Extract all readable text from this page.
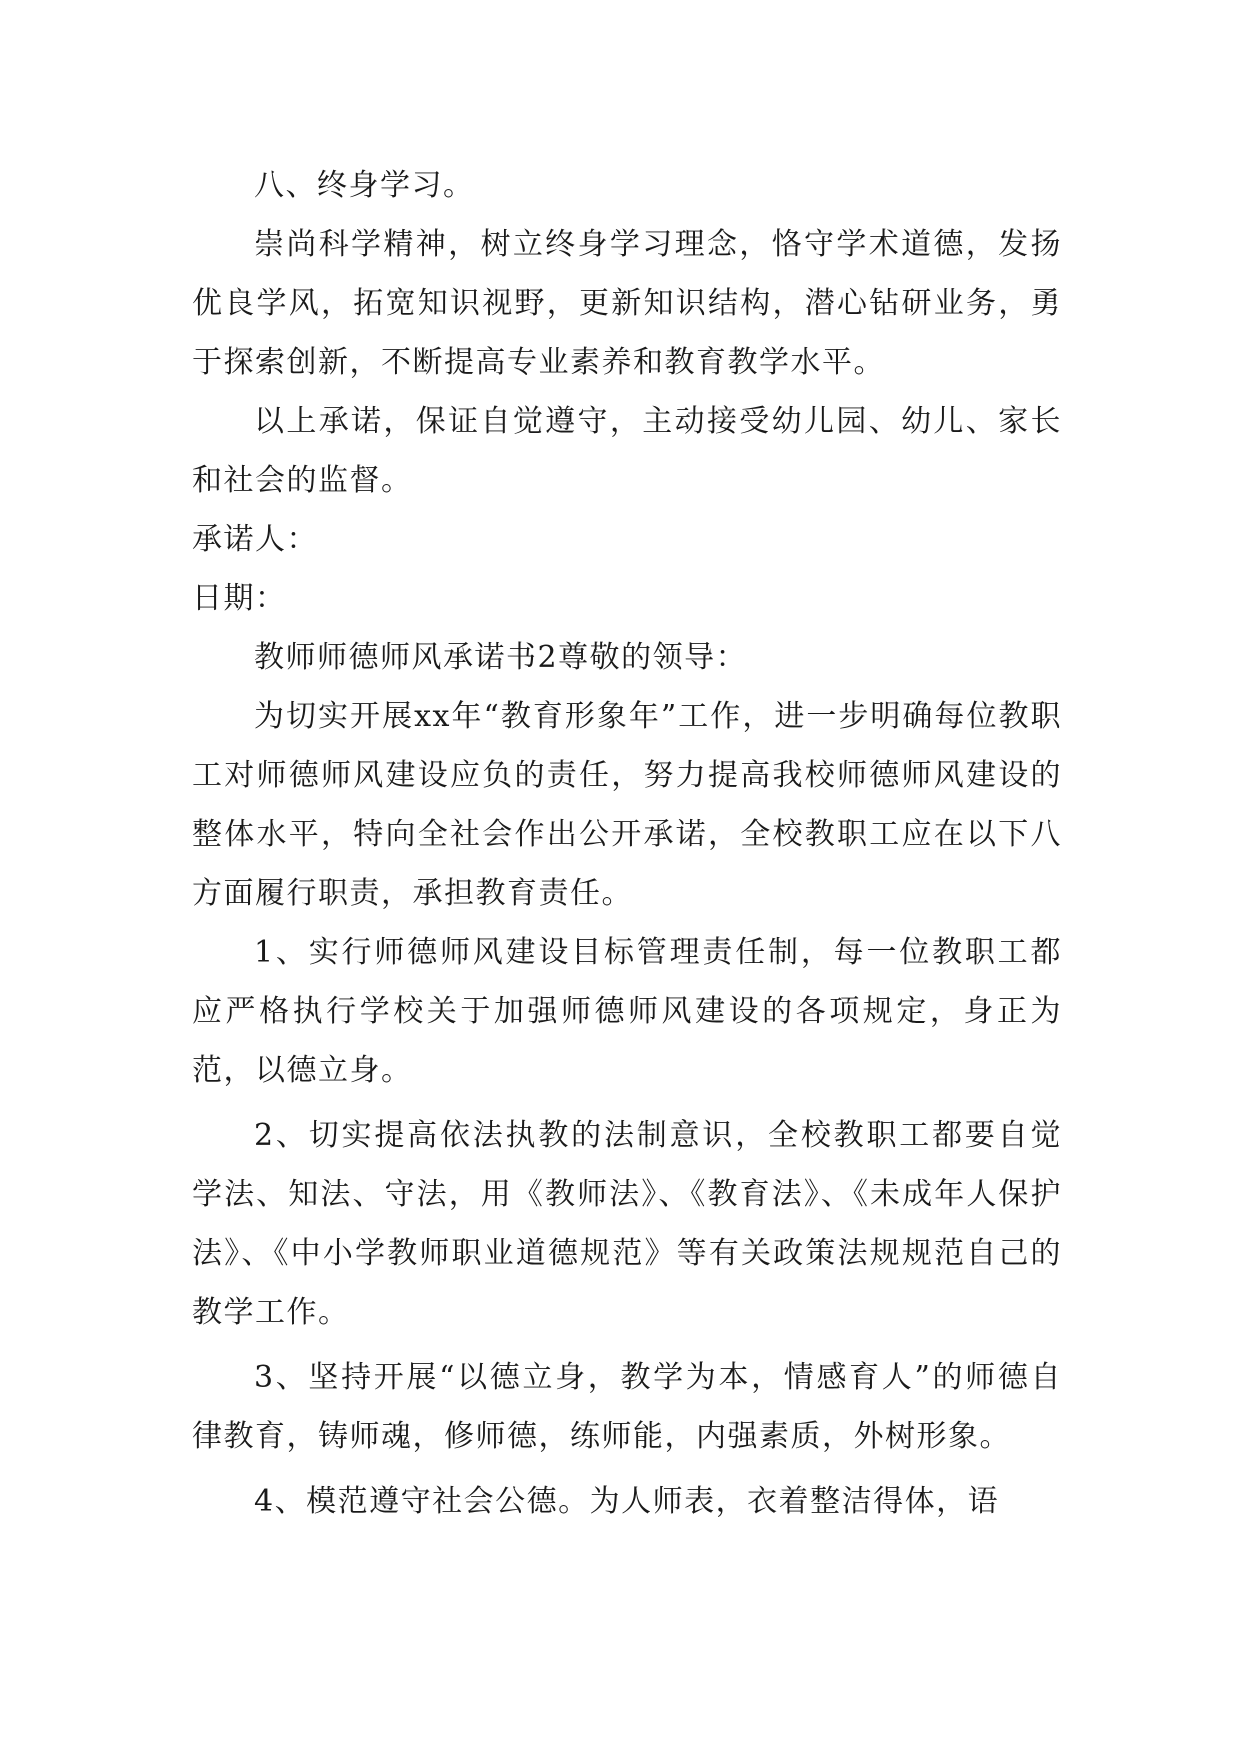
八、终身学习。

崇尚科学精神，树立终身学习理念，恪守学术道德，发扬优良学风，拓宽知识视野，更新知识结构，潜心钻研业务，勇于探索创新，不断提高专业素养和教育教学水平。

以上承诺，保证自觉遵守，主动接受幼儿园、幼儿、家长和社会的监督。

承诺人：

日期：

教师师德师风承诺书2尊敬的领导：

为切实开展xx年“教育形象年”工作，进一步明确每位教职工对师德师风建设应负的责任，努力提高我校师德师风建设的整体水平，特向全社会作出公开承诺，全校教职工应在以下八方面履行职责，承担教育责任。

1、实行师德师风建设目标管理责任制，每一位教职工都应严格执行学校关于加强师德师风建设的各项规定，身正为范，以德立身。

2、切实提高依法执教的法制意识，全校教职工都要自觉学法、知法、守法，用《教师法》、《教育法》、《未成年人保护法》、《中小学教师职业道德规范》等有关政策法规规范自己的教学工作。

3、坚持开展“以德立身，教学为本，情感育人”的师德自律教育，铸师魂，修师德，练师能，内强素质，外树形象。

4、模范遵守社会公德。为人师表，衣着整洁得体，语
